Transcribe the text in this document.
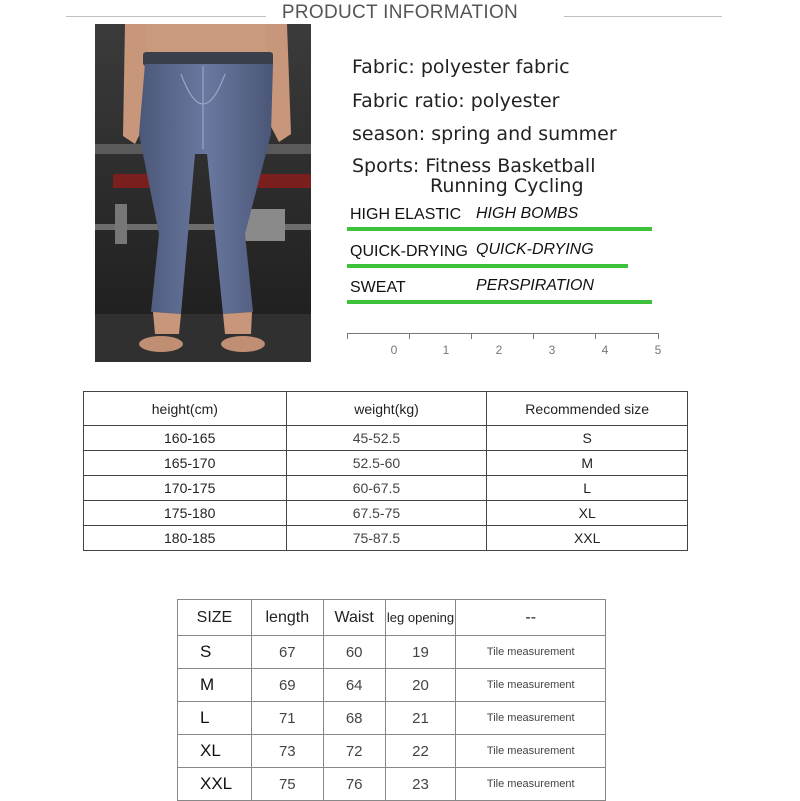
PRODUCT INFORMATION
Fabric: polyester fabric
Fabric ratio: polyester
season: spring and summer
Sports: Fitness Basketball
Running Cycling
HIGH ELASTIC HIGH BOMBS
QUICK-DRYING QUICK-DRYING
SWEAT	PERSPIRATION
0	1	2	3	4	5
height(cm)	weight(kg)	Recommended size
160-165	45-52.5	S
165-170	52.5-60	M
170-175	60-67.5	L
175-180	67.5-75	XL
180-185	75-87.5	XXL
SIZE	length	Waist	leg opening	--
S	67	60	19	Tile measurement
M	69	64	20	Tile measurement
L	71	68	21	Tile measurement
XL	73	72	22	Tile measurement
XXL	75	76	23	Tile measurement
